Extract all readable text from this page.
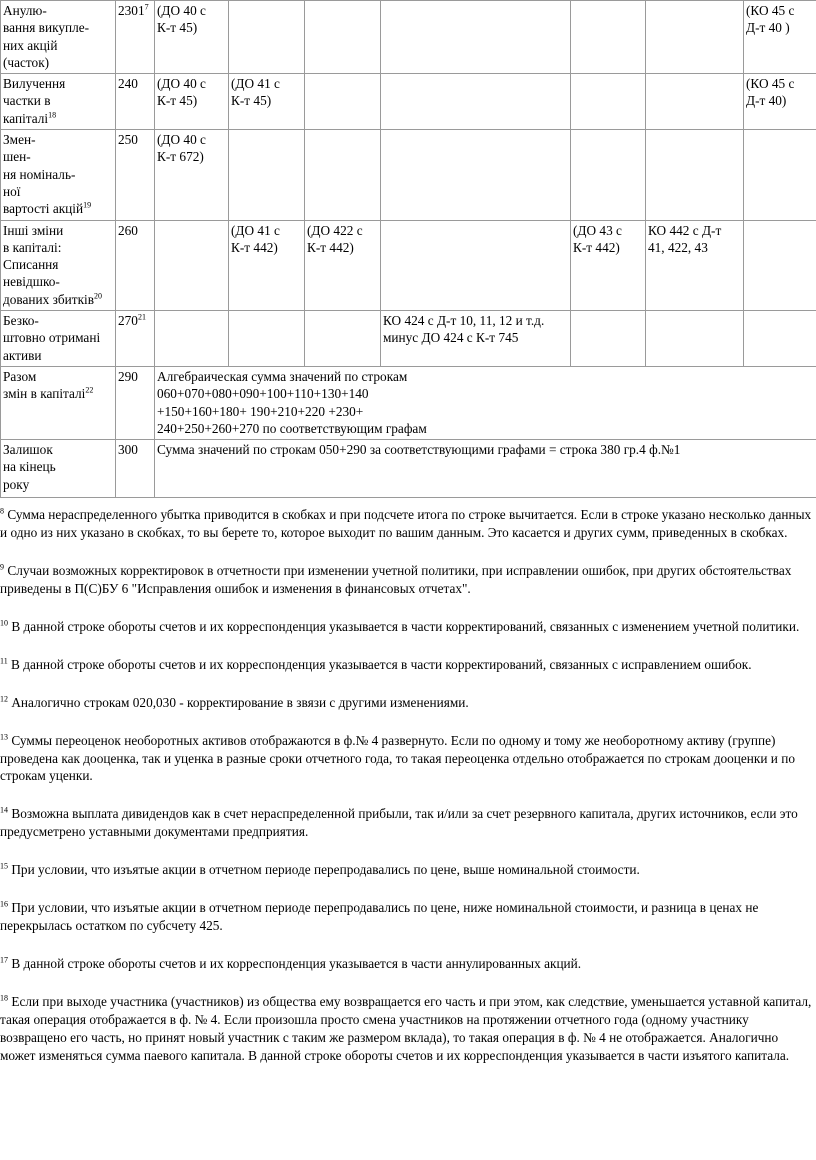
Анулю-
вання викупле-
них акцій
(часток)	2301$^7$	(ДО 40 с
К-т 45)						(КО 45 с
Д-т 40 )
Вилучення
частки в
капіталі$^{18}$	240	(ДО 40 с
К-т 45)	(ДО 41 с
К-т 45)					(КО 45 с
Д-т 40)
Змен-
шен-
ня номіналь-
ної
вартості акцій$^{19}$	250	(ДО 40 с
К-т 672)						
Інші зміни
в капіталі:
Списання
невідшко-
дованих збитків$^{20}$	260		(ДО 41 с
К-т 442)	(ДО 422 с
К-т 442)		(ДО 43 с
К-т 442)	КО 442 с Д-т
41, 422, 43	
Безко-
штовно отримані
активи	$270^{21}$				КО 424 с Д-т 10, 11, 12 и т.д.
минус ДО 424 с К-т 745			
Разом
змін в капіталі$^{22}$	290	Алгебраическая сумма значений по строкам
060+070+080+090+100+110+130+140
+150+160+180+ 190+210+220 +230+
240+250+260+270 по соответствующим графам						
Залишок
на кінець
року	300	Сумма значений по строкам 050+290 за соответствующими графами = строка 380 гр.4 ф.№1						

$^8$ Сумма нераспределенного убытка приводится в скобках и при подсчете итога по строке вычитается. Если в строке указано несколько данных и одно из них указано в скобках, то вы берете то, которое выходит по вашим данным. Это касается и других сумм, приведенных в скобках.

$^9$ Случаи возможных корректировок в отчетности при изменении учетной политики, при исправлении ошибок, при других обстоятельствах приведены в П(С)БУ 6 "Исправления ошибок и изменения в финансовых отчетах".

$^{10}$ В данной строке обороты счетов и их корреспонденция указывается в части корректирований, связанных с изменением учетной политики.

$^{11}$ В данной строке обороты счетов и их корреспонденция указывается в части корректирований, связанных с исправлением ошибок.

$^{12}$ Аналогично строкам 020,030 - корректирование в звязи с другими изменениями.

$^{13}$ Суммы переоценок необоротных активов отображаются в ф.№ 4 развернуто. Если по одному и тому же необоротному активу (группе) проведена как дооценка, так и уценка в разные сроки отчетного года, то такая переоценка отдельно отображается по строкам дооценки и по строкам уценки.

$^{14}$ Возможна выплата дивидендов как в счет нераспределенной прибыли, так и/или за счет резервного капитала, других источников, если это предусметрено уставными документами предприятия.

$^{15}$ При условии, что изъятые акции в отчетном периоде перепродавались по цене, выше номинальной стоимости.

$^{16}$ При условии, что изъятые акции в отчетном периоде перепродавались по цене, ниже номинальной стоимости, и разница в ценах не перекрылась остатком по субсчету 425.

$^{17}$ В данной строке обороты счетов и их корреспонденция указывается в части аннулированных акций.

$^{18}$ Если при выходе участника (участников) из общества ему возвращается его часть и при этом, как следствие, уменьшается уставной капитал, такая операция отображается в ф. № 4. Если произошла просто смена участников на протяжении отчетного года (одному участнику возвращено его часть, но принят новый участник с таким же размером вклада), то такая операция в ф. № 4 не отображается. Аналогично может изменяться сумма паевого капитала. В данной строке обороты счетов и их корреспонденция указывается в части изъятого капитала.
